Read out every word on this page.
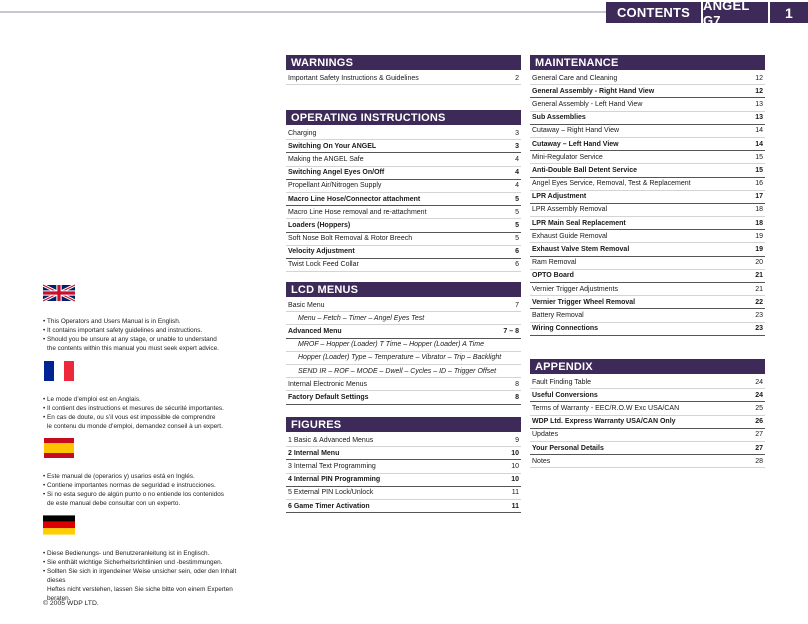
CONTENTS ANGEL G7	1
• This Operators and Users Manual is in English.
• It contains important safety guidelines and instructions.
• Should you be unsure at any stage, or unable to understand
the contents within this manual you must seek expert advice.
• Le mode d’emploi est en Anglais.
• Il contient des instructions et mesures de sécurité importantes.
• En cas de doute, ou s’il vous est impossible de comprendre
le contenu du monde d’emploi, demandez conseil à un expert.
• Este manual de (operarios y) usarios está en Inglés.
• Contiene importantes normas de seguridad e instrucciones.
• Si no esta seguro de algún punto o no entiende los contenidos
de este manual debe consultar con un experto.
• Diese Bedienungs- und Benutzeranleitung ist in Englisch.
• Sie enthält wichtige Sicherheitsrichtlinien und -bestimmungen.
• Sollten Sie sich in irgendeiner Weise unsicher sein, oder den Inhalt dieses
Heftes nicht verstehen, lassen Sie siche bitte von einem Experten beraten.
© 2005 WDP LTD.
WARNINGS
Important Safety Instructions & Guidelines	2
OPERATING INSTRUCTIONS
Charging	3
Switching On Your ANGEL	3
Making the ANGEL Safe	4
Switching Angel Eyes On/Off	4
Propellant Air/Nitrogen Supply	4
Macro Line Hose/Connector attachment	5
Macro Line Hose removal and re-attachment	5
Loaders (Hoppers)	5
Soft Nose Bolt Removal & Rotor Breech	5
Velocity Adjustment	6
Twist Lock Feed Collar	6
LCD MENUS
Basic Menu	7
Menu – Fetch – Timer – Angel Eyes Test
Advanced Menu	7 – 8
MROF – Hopper (Loader) T Time – Hopper (Loader) A Time
Hopper (Loader) Type – Temperature – Vibrator – Trip – Backlight
SEND IR – ROF – MODE – Dwell – Cycles – ID – Trigger Offset
Internal Electronic Menus	8
Factory Default Settings	8
FIGURES
1 Basic & Advanced Menus	9
2 Internal Menu	10
3 Internal Text Programming	10
4 Internal PIN Programming	10
5 External PIN Lock/Unlock	11
6 Game Timer Activation	11
MAINTENANCE
General Care and Cleaning	12
General Assembly - Right Hand View	12
General Assembly - Left Hand View	13
Sub Assemblies	13
Cutaway – Right Hand View	14
Cutaway – Left Hand View	14
Mini-Regulator Service	15
Anti-Double Ball Detent Service	15
Angel Eyes Service, Removal, Test & Replacement	16
LPR Adjustment	17
LPR Assembly Removal	18
LPR Main Seal Replacement	18
Exhaust Guide Removal	19
Exhaust Valve Stem Removal	19
Ram Removal	20
OPTO Board	21
Vernier Trigger Adjustments	21
Vernier Trigger Wheel Removal	22
Battery Removal	23
Wiring Connections	23
APPENDIX
Fault Finding Table	24
Useful Conversions	24
Terms of Warranty - EEC/R.O.W Exc USA/CAN	25
WDP Ltd. Express Warranty USA/CAN Only	26
Updates	27
Your Personal Details	27
Notes	28
